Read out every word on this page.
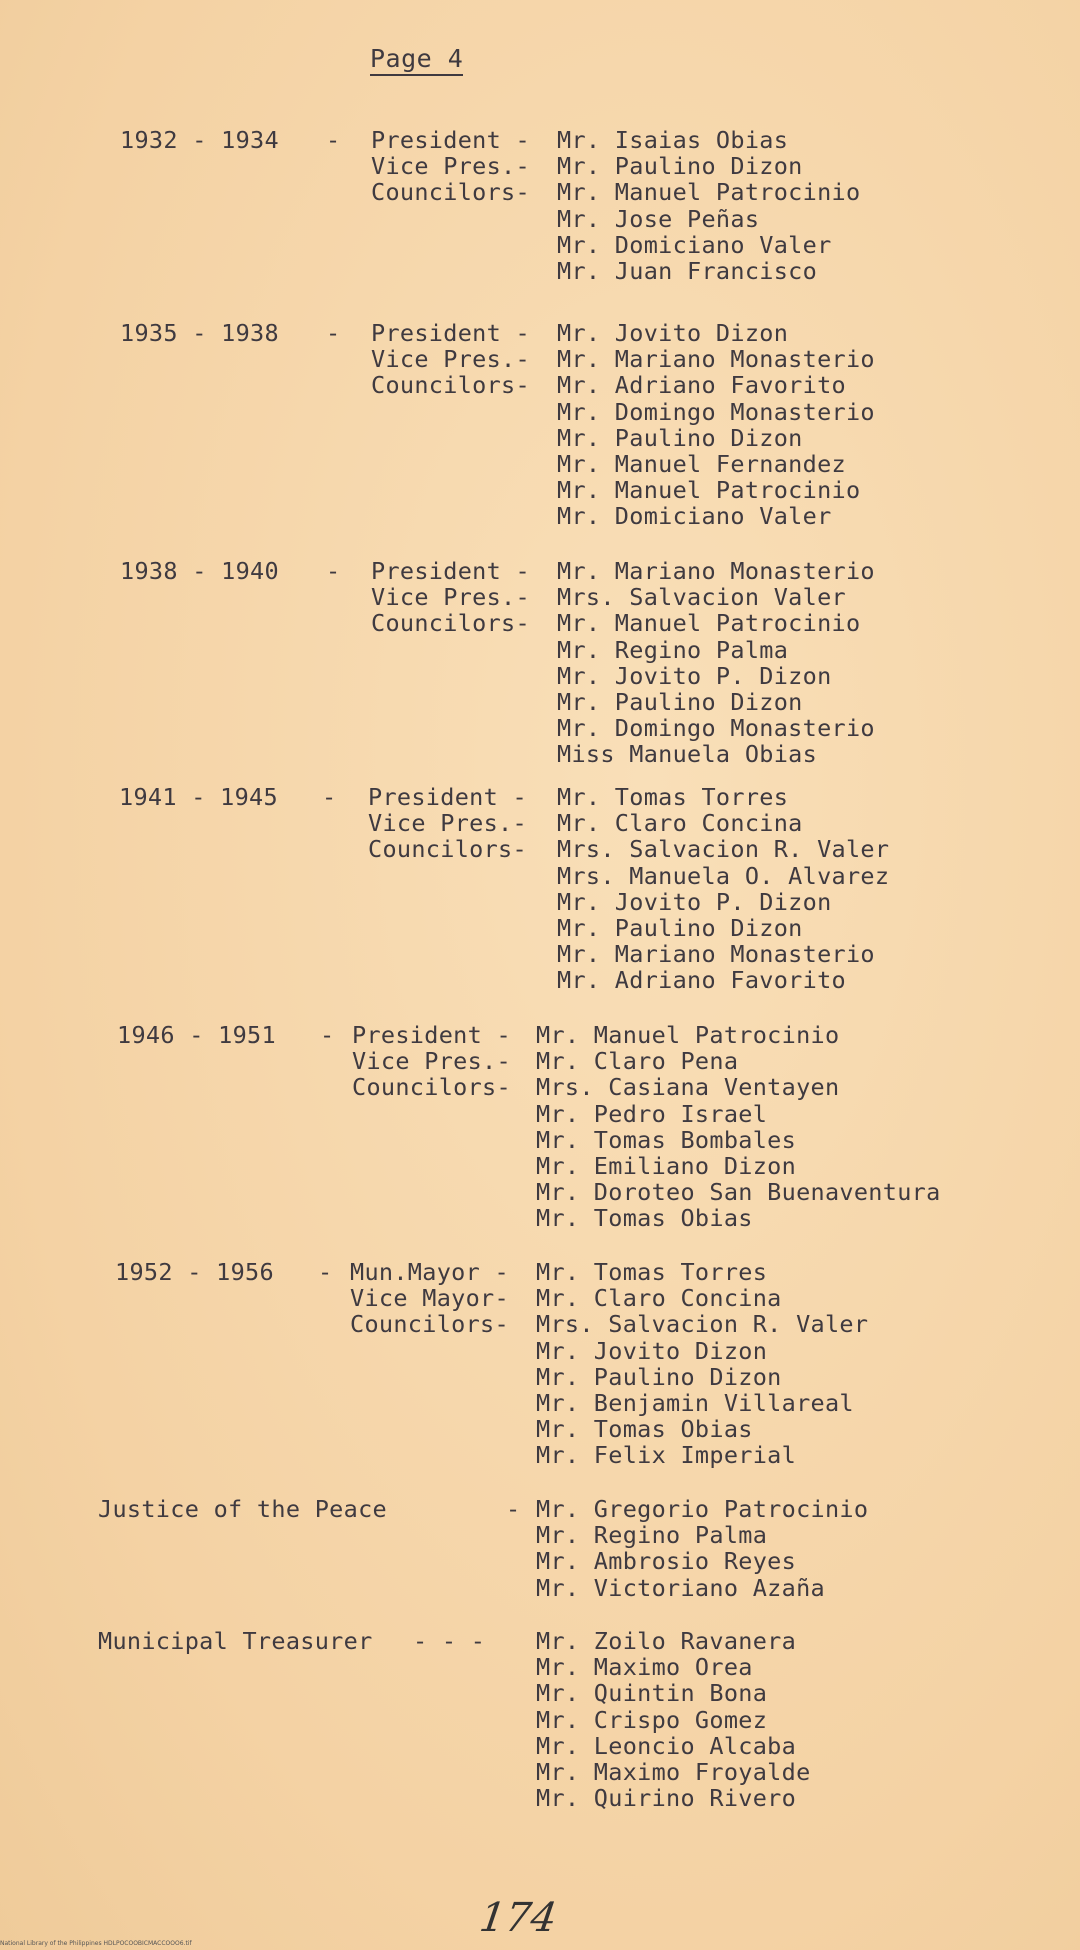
Page 4
1932 - 1934 - President - Mr. Isaias Obias
Vice Pres.- Mr. Paulino Dizon
Councilors- Mr. Manuel Patrocinio
Mr. Jose Peñas
Mr. Domiciano Valer
Mr. Juan Francisco
1935 - 1938 - President - Mr. Jovito Dizon
Vice Pres.- Mr. Mariano Monasterio
Councilors- Mr. Adriano Favorito
Mr. Domingo Monasterio
Mr. Paulino Dizon
Mr. Manuel Fernandez
Mr. Manuel Patrocinio
Mr. Domiciano Valer
1938 - 1940 - President - Mr. Mariano Monasterio
Vice Pres.- Mrs. Salvacion Valer
Councilors- Mr. Manuel Patrocinio
Mr. Regino Palma
Mr. Jovito P. Dizon
Mr. Paulino Dizon
Mr. Domingo Monasterio
Miss Manuela Obias
1941 - 1945 - President - Mr. Tomas Torres
Vice Pres.- Mr. Claro Concina
Councilors- Mrs. Salvacion R. Valer
Mrs. Manuela O. Alvarez
Mr. Jovito P. Dizon
Mr. Paulino Dizon
Mr. Mariano Monasterio
Mr. Adriano Favorito
1946 - 1951 - President - Mr. Manuel Patrocinio
Vice Pres.- Mr. Claro Pena
Councilors- Mrs. Casiana Ventayen
Mr. Pedro Israel
Mr. Tomas Bombales
Mr. Emiliano Dizon
Mr. Doroteo San Buenaventura
Mr. Tomas Obias
1952 - 1956 - Mun.Mayor - Mr. Tomas Torres
Vice Mayor- Mr. Claro Concina
Councilors- Mrs. Salvacion R. Valer
Mr. Jovito Dizon
Mr. Paulino Dizon
Mr. Benjamin Villareal
Mr. Tomas Obias
Mr. Felix Imperial
Justice of the Peace	- Mr. Gregorio Patrocinio
Mr. Regino Palma
Mr. Ambrosio Reyes
Mr. Victoriano Azaña
Municipal Treasurer - - - Mr. Zoilo Ravanera
Mr. Maximo Orea
Mr. Quintin Bona
Mr. Crispo Gomez
Mr. Leoncio Alcaba
Mr. Maximo Froyalde
Mr. Quirino Rivero
174
National Library of the Philippines HDLPOCOOBICMACCOOO6.tif
